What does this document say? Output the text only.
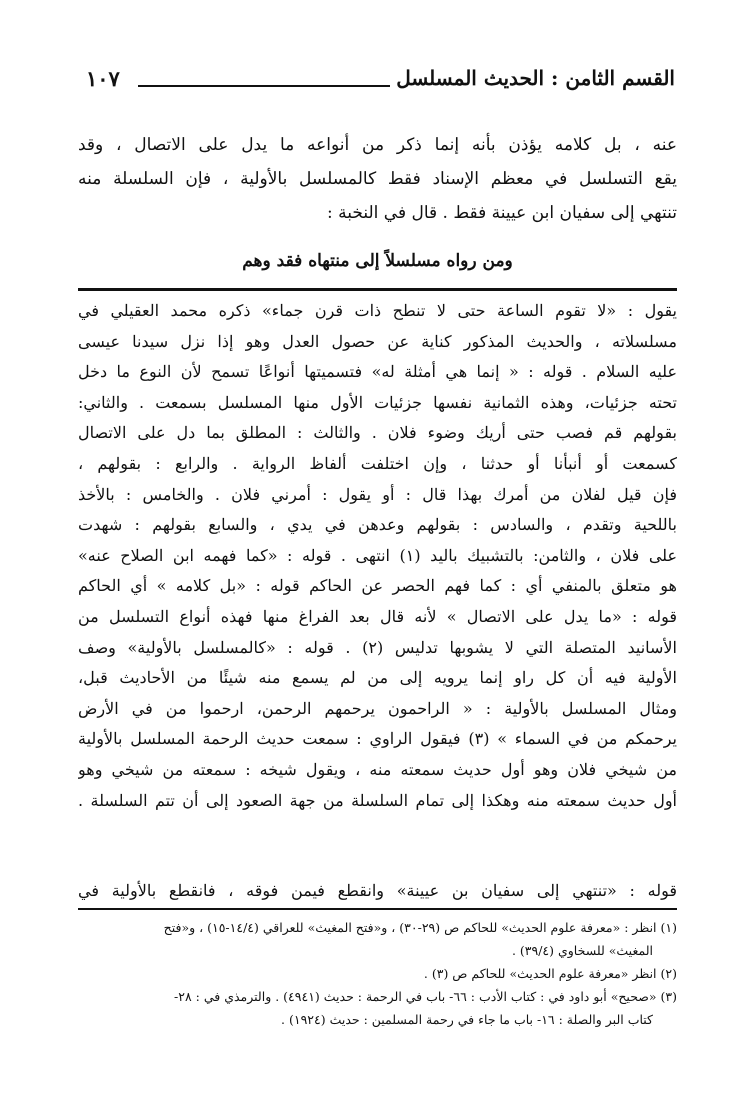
القسم الثامن : الحديث المسلسل
١٠٧
عنه ، بل كلامه يؤذن بأنه إنما ذكر من أنواعه ما يدل على الاتصال ، وقد
يقع التسلسل في معظم الإسناد فقط كالمسلسل بالأولية ، فإن السلسلة منه
تنتهي إلى سفيان ابن عيينة فقط . قال في النخبة :
ومن رواه مسلسلاً إلى منتهاه فقد وهم
يقول : «لا تقوم الساعة حتى لا تنطح ذات قرن جماء» ذكره محمد العقيلي في
مسلسلاته ، والحديث المذكور كناية عن حصول العدل وهو إذا نزل سيدنا عيسى
عليه السلام . قوله : « إنما هي أمثلة له» فتسميتها أنواعًا تسمح لأن النوع ما دخل
تحته جزئيات، وهذه الثمانية نفسها جزئيات الأول منها المسلسل بسمعت . والثاني:
بقولهم قم فصب حتى أريك وضوء فلان . والثالث : المطلق بما دل على الاتصال
كسمعت أو أنبأنا أو حدثنا ، وإن اختلفت ألفاظ الرواية . والرابع : بقولهم ،
فإن قيل لفلان من أمرك بهذا قال : أو يقول : أمرني فلان . والخامس : بالأخذ
باللحية وتقدم ، والسادس : بقولهم وعدهن في يدي ، والسابع بقولهم : شهدت
على فلان ، والثامن: بالتشبيك باليد (١) انتهى . قوله : «كما فهمه ابن الصلاح عنه»
هو متعلق بالمنفي أي : كما فهم الحصر عن الحاكم قوله : «بل كلامه » أي الحاكم
قوله : «ما يدل على الاتصال » لأنه قال بعد الفراغ منها فهذه أنواع التسلسل من
الأسانيد المتصلة التي لا يشوبها تدليس (٢) . قوله : «كالمسلسل بالأولية» وصف
الأولية فيه أن كل راو إنما يرويه إلى من لم يسمع منه شيئًا من الأحاديث قبل،
ومثال المسلسل بالأولية : « الراحمون يرحمهم الرحمن، ارحموا من في الأرض
يرحمكم من في السماء » (٣) فيقول الراوي : سمعت حديث الرحمة المسلسل بالأولية
من شيخي فلان وهو أول حديث سمعته منه ، ويقول شيخه : سمعته من شيخي وهو
أول حديث سمعته منه وهكذا إلى تمام السلسلة من جهة الصعود إلى أن تتم السلسلة .
قوله : «تنتهي إلى سفيان بن عيينة» وانقطع فيمن فوقه ، فانقطع بالأولية في
(١) انظر : «معرفة علوم الحديث» للحاكم ص (٢٩-٣٠) ، و«فتح المغيث» للعراقي (١٤/٤-١٥) ، و«فتح
المغيث» للسخاوي (٣٩/٤) .
(٢) انظر «معرفة علوم الحديث» للحاكم ص (٣) .
(٣) «صحيح» أبو داود في : كتاب الأدب : ٦٦- باب في الرحمة : حديث (٤٩٤١) . والترمذي في : ٢٨-
كتاب البر والصلة : ١٦- باب ما جاء في رحمة المسلمين : حديث (١٩٢٤) .
